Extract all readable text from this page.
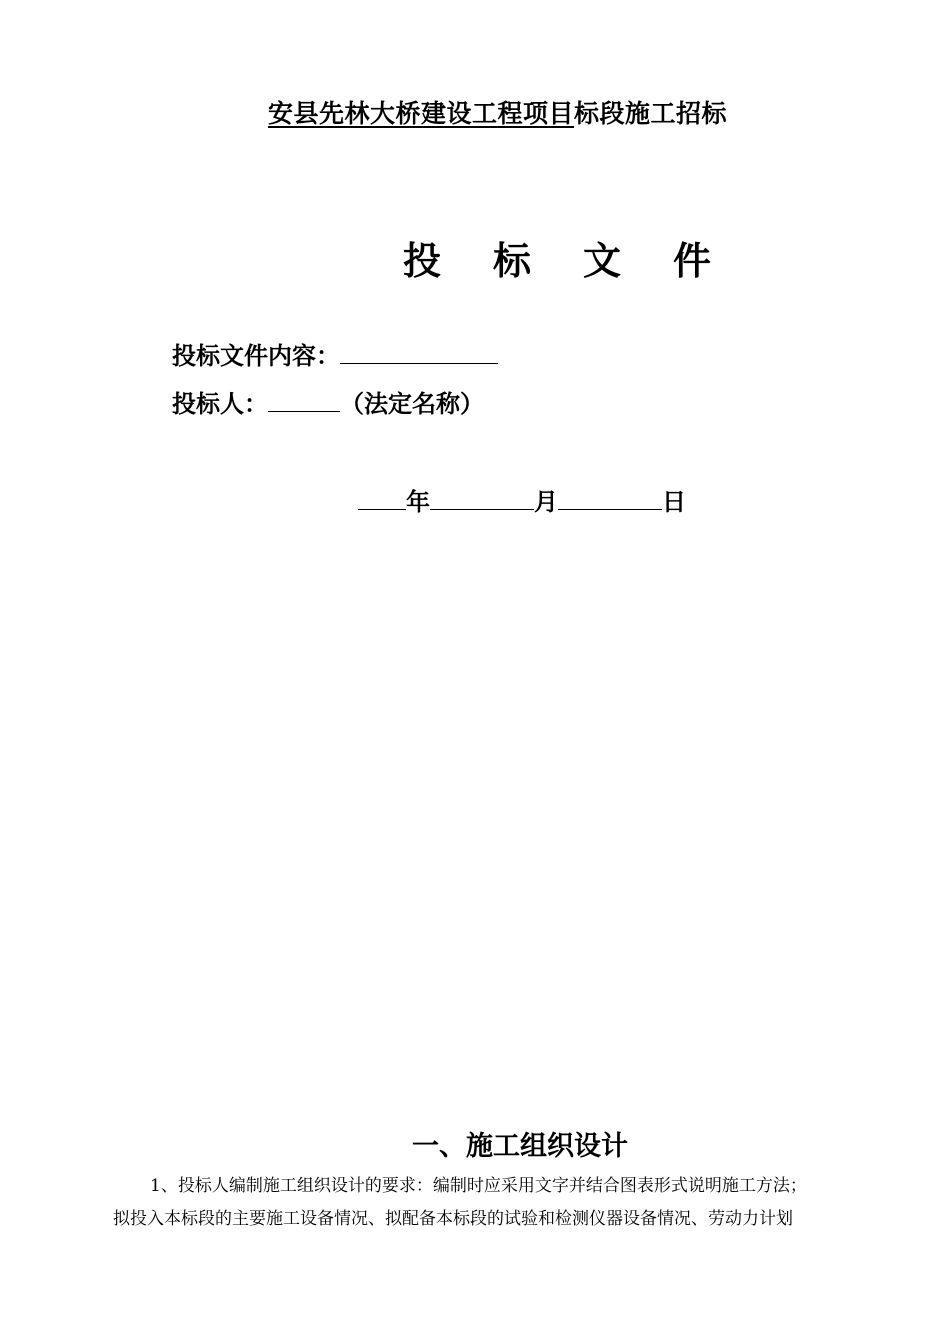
安县先林大桥建设工程项目标段施工招标
投	标	文	件
投标文件内容：
投标人：	（法定名称）
年	月	日
一、施工组织设计
1、投标人编制施工组织设计的要求：编制时应采用文字并结合图表形式说明施工方法；
拟投入本标段的主要施工设备情况、拟配备本标段的试验和检测仪器设备情况、劳动力计划
